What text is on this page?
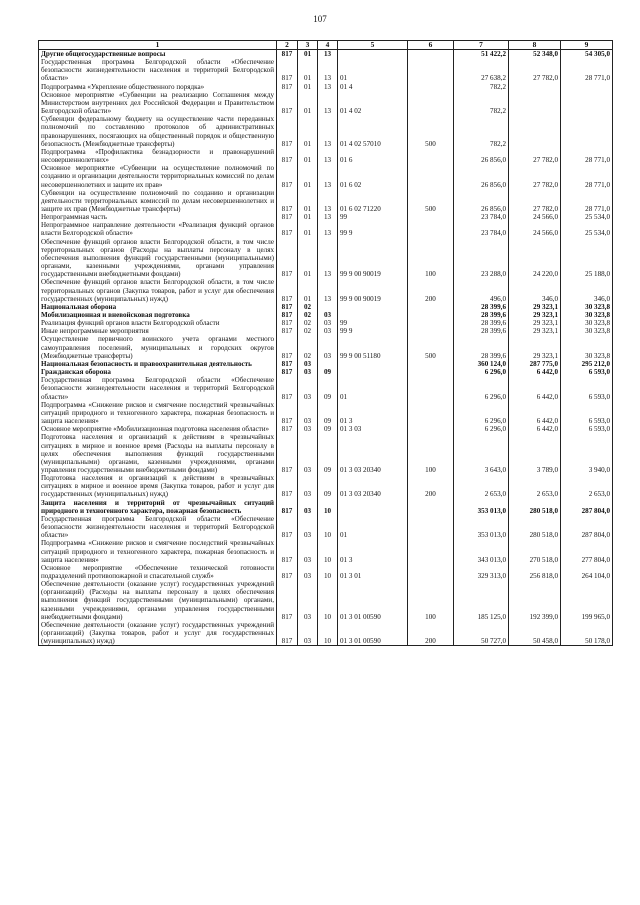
107
1	2	3	4	5	6	7	8	9
Другие общегосударственные вопросы	817	01	13			51 422,2	52 348,0	54 305,0
Государственная программа Белгородской области «Обеспечение безопасности жизнедеятельности населения и территорий Белгородской области»	817	01	13	01		27 638,2	27 782,0	28 771,0
Подпрограмма «Укрепление общественного порядка»	817	01	13	01 4		782,2		
Основное мероприятие «Субвенции на реализацию Соглашения между Министерством внутренних дел Российской Федерации и Правительством Белгородской области»	817	01	13	01 4 02		782,2		
Субвенции федеральному бюджету на осуществление части переданных полномочий по составлению протоколов об административных правонарушениях, посягающих на общественный порядок и общественную безопасность (Межбюджетные трансферты)	817	01	13	01 4 02 57010	500	782,2		
Подпрограмма «Профилактика безнадзорности и правонарушений несовершеннолетних»	817	01	13	01 6		26 856,0	27 782,0	28 771,0
Основное мероприятие «Субвенции на осуществление полномочий по созданию и организации деятельности территориальных комиссий по делам несовершеннолетних и защите их прав»	817	01	13	01 6 02		26 856,0	27 782,0	28 771,0
Субвенции на осуществление полномочий по созданию и организации деятельности территориальных комиссий по делам несовершеннолетних и защите их прав (Межбюджетные трансферты)	817	01	13	01 6 02 71220	500	26 856,0	27 782,0	28 771,0
Непрограммная часть	817	01	13	99		23 784,0	24 566,0	25 534,0
Непрограммное направление деятельности «Реализация функций органов власти Белгородской области»	817	01	13	99 9		23 784,0	24 566,0	25 534,0
Обеспечение функций органов власти Белгородской области, в том числе территориальных органов (Расходы на выплаты персоналу в целях обеспечения выполнения функций государственными (муниципальными) органами, казенными учреждениями, органами управления государственными внебюджетными фондами)	817	01	13	99 9 00 90019	100	23 288,0	24 220,0	25 188,0
Обеспечение функций органов власти Белгородской области, в том числе территориальных органов (Закупка товаров, работ и услуг для обеспечения государственных (муниципальных) нужд)	817	01	13	99 9 00 90019	200	496,0	346,0	346,0
Национальная оборона	817	02				28 399,6	29 323,1	30 323,8
Мобилизационная и вневойсковая подготовка	817	02	03			28 399,6	29 323,1	30 323,8
Реализация функций органов власти Белгородской области	817	02	03	99		28 399,6	29 323,1	30 323,8
Иные непрограммные мероприятия	817	02	03	99 9		28 399,6	29 323,1	30 323,8
Осуществление первичного воинского учета органами местного самоуправления поселений, муниципальных и городских округов (Межбюджетные трансферты)	817	02	03	99 9 00 51180	500	28 399,6	29 323,1	30 323,8
Национальная безопасность и правоохранительная деятельность	817	03				360 124,0	287 775,0	295 212,0
Гражданская оборона	817	03	09			6 296,0	6 442,0	6 593,0
Государственная программа Белгородской области «Обеспечение безопасности жизнедеятельности населения и территорий Белгородской области»	817	03	09	01		6 296,0	6 442,0	6 593,0
Подпрограмма «Снижение рисков и смягчение последствий чрезвычайных ситуаций природного и техногенного характера, пожарная безопасность и защита населения»	817	03	09	01 3		6 296,0	6 442,0	6 593,0
Основное мероприятие «Мобилизационная подготовка населения области»	817	03	09	01 3 03		6 296,0	6 442,0	6 593,0
Подготовка населения и организаций к действиям в чрезвычайных ситуациях в мирное и военное время (Расходы на выплаты персоналу в целях обеспечения выполнения функций государственными (муниципальными) органами, казенными учреждениями, органами управления государственными внебюджетными фондами)	817	03	09	01 3 03 20340	100	3 643,0	3 789,0	3 940,0
Подготовка населения и организаций к действиям в чрезвычайных ситуациях в мирное и военное время (Закупка товаров, работ и услуг для государственных (муниципальных) нужд)	817	03	09	01 3 03 20340	200	2 653,0	2 653,0	2 653,0
Защита населения и территорий от чрезвычайных ситуаций природного и техногенного характера, пожарная безопасность	817	03	10			353 013,0	280 518,0	287 804,0
Государственная программа Белгородской области «Обеспечение безопасности жизнедеятельности населения и территорий Белгородской области»	817	03	10	01		353 013,0	280 518,0	287 804,0
Подпрограмма «Снижение рисков и смягчение последствий чрезвычайных ситуаций природного и техногенного характера, пожарная безопасность и защита населения»	817	03	10	01 3		343 013,0	270 518,0	277 804,0
Основное мероприятие «Обеспечение технической готовности подразделений противопожарной и спасательной служб»	817	03	10	01 3 01		329 313,0	256 818,0	264 104,0
Обеспечение деятельности (оказание услуг) государственных учреждений (организаций) (Расходы на выплаты персоналу в целях обеспечения выполнения функций государственными (муниципальными) органами, казенными учреждениями, органами управления государственными внебюджетными фондами)	817	03	10	01 3 01 00590	100	185 125,0	192 399,0	199 965,0
Обеспечение деятельности (оказание услуг) государственных учреждений (организаций) (Закупка товаров, работ и услуг для государственных (муниципальных) нужд)	817	03	10	01 3 01 00590	200	50 727,0	50 458,0	50 178,0
